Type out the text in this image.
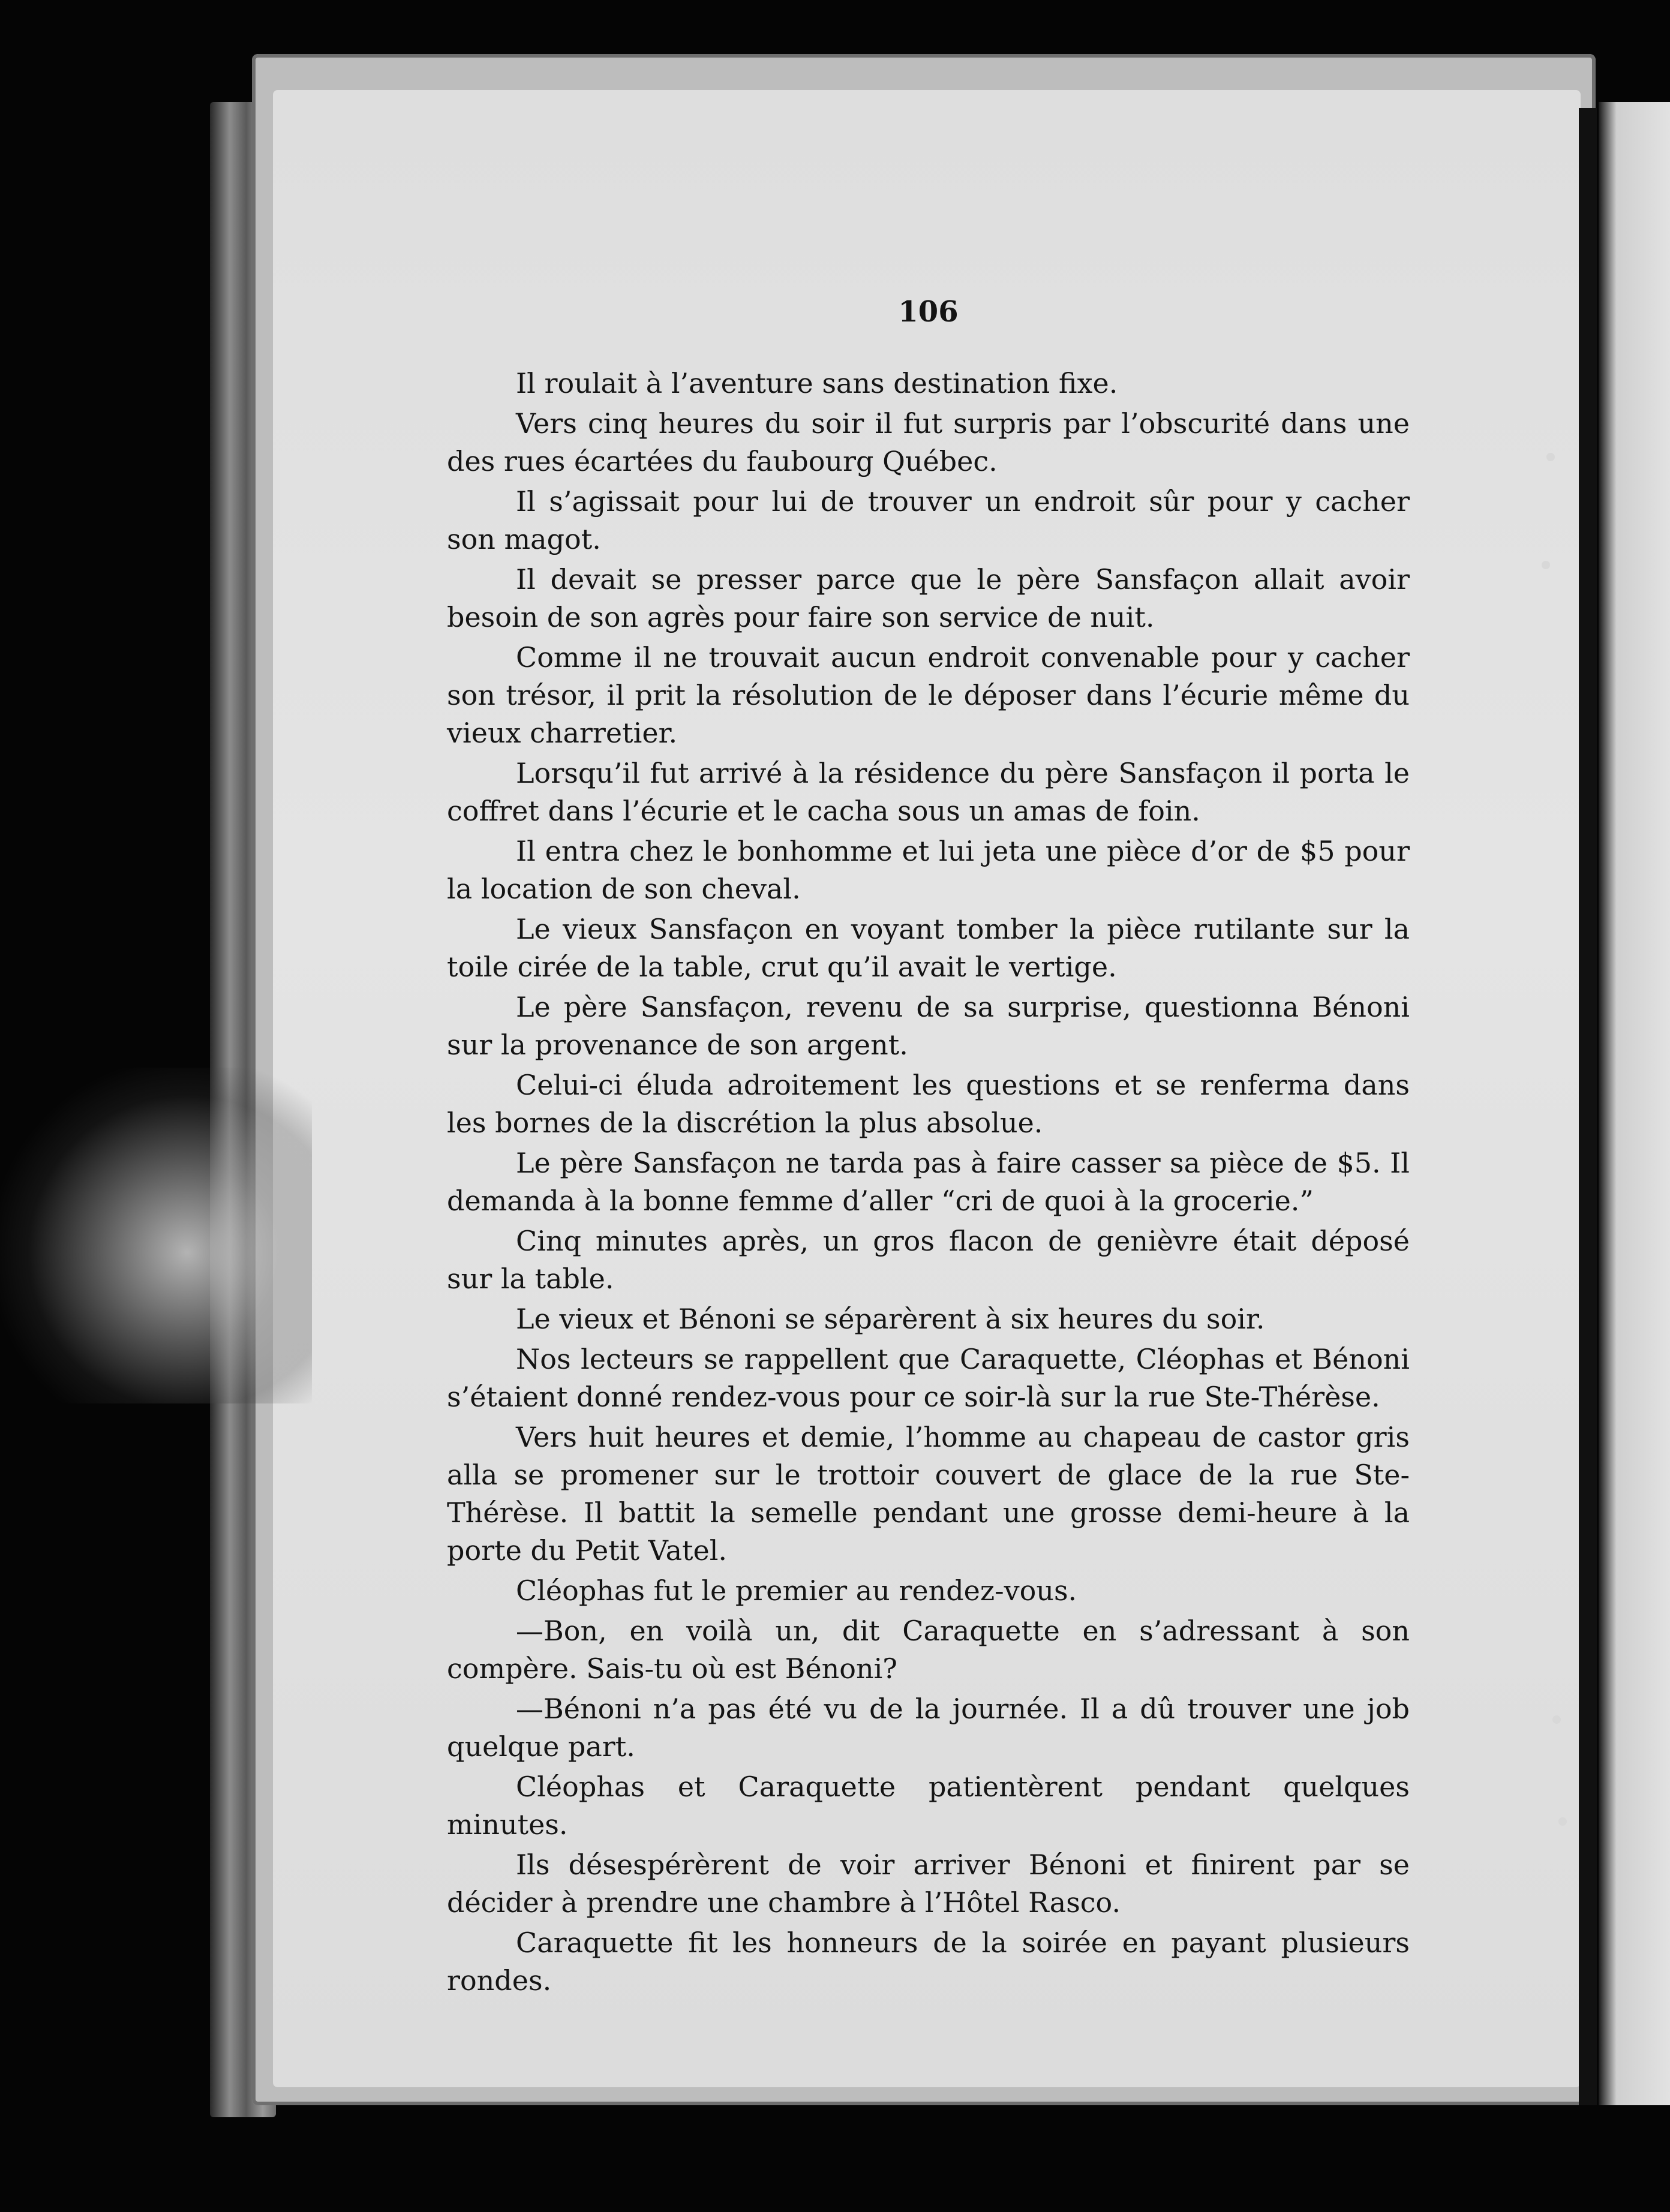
106

Il roulait à l’aventure sans destination fixe.

Vers cinq heures du soir il fut surpris par l’obscurité dans une des rues écartées du faubourg Québec.

Il s’agissait pour lui de trouver un endroit sûr pour y cacher son magot.

Il devait se presser parce que le père Sansfaçon allait avoir besoin de son agrès pour faire son service de nuit.

Comme il ne trouvait aucun endroit convenable pour y cacher son trésor, il prit la résolution de le déposer dans l’écurie même du vieux charretier.

Lorsqu’il fut arrivé à la résidence du père Sansfaçon il porta le coffret dans l’écurie et le cacha sous un amas de foin.

Il entra chez le bonhomme et lui jeta une pièce d’or de $5 pour la location de son cheval.

Le vieux Sansfaçon en voyant tomber la pièce rutilante sur la toile cirée de la table, crut qu’il avait le vertige.

Le père Sansfaçon, revenu de sa surprise, questionna Bénoni sur la provenance de son argent.

Celui-ci éluda adroitement les questions et se renferma dans les bornes de la discrétion la plus absolue.

Le père Sansfaçon ne tarda pas à faire casser sa pièce de $5. Il demanda à la bonne femme d’aller “cri de quoi à la grocerie.”

Cinq minutes après, un gros flacon de genièvre était déposé sur la table.

Le vieux et Bénoni se séparèrent à six heures du soir.

Nos lecteurs se rappellent que Caraquette, Cléophas et Bénoni s’étaient donné rendez-vous pour ce soir-là sur la rue Ste-Thérèse.

Vers huit heures et demie, l’homme au chapeau de castor gris alla se promener sur le trottoir couvert de glace de la rue Ste-Thérèse. Il battit la semelle pendant une grosse demi-heure à la porte du Petit Vatel.

Cléophas fut le premier au rendez-vous.

—Bon, en voilà un, dit Caraquette en s’adressant à son compère. Sais-tu où est Bénoni?

—Bénoni n’a pas été vu de la journée. Il a dû trouver une job quelque part.

Cléophas et Caraquette patientèrent pendant quelques minutes.

Ils désespérèrent de voir arriver Bénoni et finirent par se décider à prendre une chambre à l’Hôtel Rasco.

Caraquette fit les honneurs de la soirée en payant plusieurs rondes.
